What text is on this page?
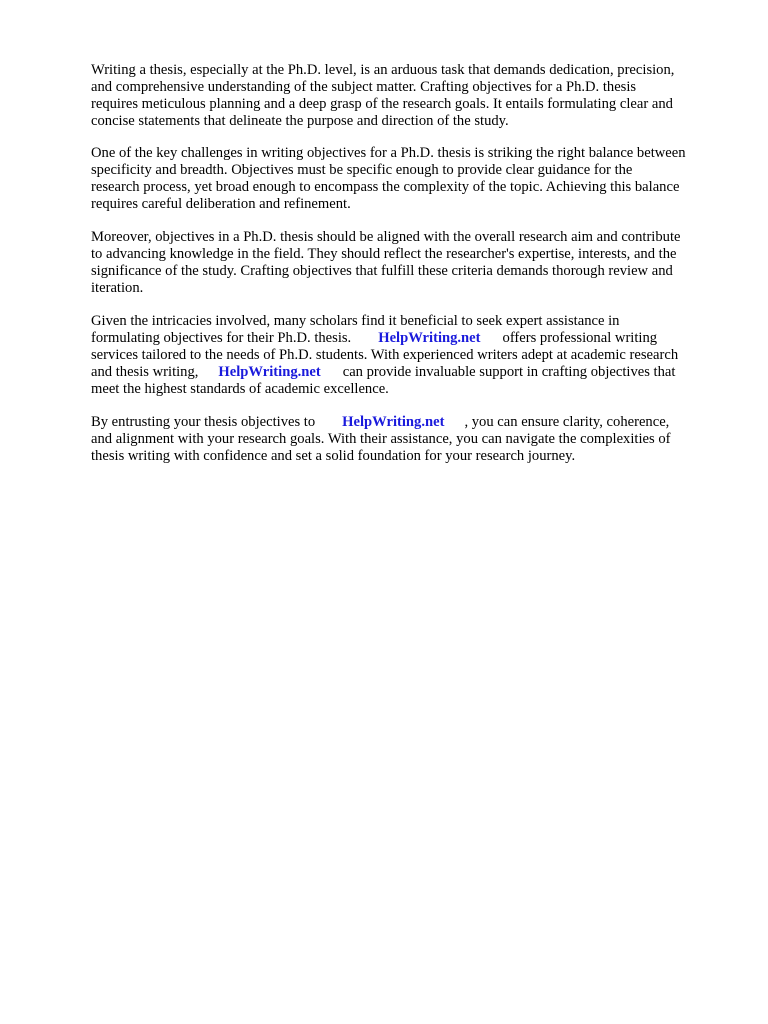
Writing a thesis, especially at the Ph.D. level, is an arduous task that demands dedication, precision,
and comprehensive understanding of the subject matter. Crafting objectives for a Ph.D. thesis
requires meticulous planning and a deep grasp of the research goals. It entails formulating clear and
concise statements that delineate the purpose and direction of the study.

One of the key challenges in writing objectives for a Ph.D. thesis is striking the right balance between
specificity and breadth. Objectives must be specific enough to provide clear guidance for the
research process, yet broad enough to encompass the complexity of the topic. Achieving this balance
requires careful deliberation and refinement.

Moreover, objectives in a Ph.D. thesis should be aligned with the overall research aim and contribute
to advancing knowledge in the field. They should reflect the researcher's expertise, interests, and the
significance of the study. Crafting objectives that fulfill these criteria demands thorough review and
iteration.

Given the intricacies involved, many scholars find it beneficial to seek expert assistance in
formulating objectives for their Ph.D. thesis. HelpWriting.net offers professional writing
services tailored to the needs of Ph.D. students. With experienced writers adept at academic research
and thesis writing, HelpWriting.net can provide invaluable support in crafting objectives that
meet the highest standards of academic excellence.

By entrusting your thesis objectives to HelpWriting.net , you can ensure clarity, coherence,
and alignment with your research goals. With their assistance, you can navigate the complexities of
thesis writing with confidence and set a solid foundation for your research journey.
